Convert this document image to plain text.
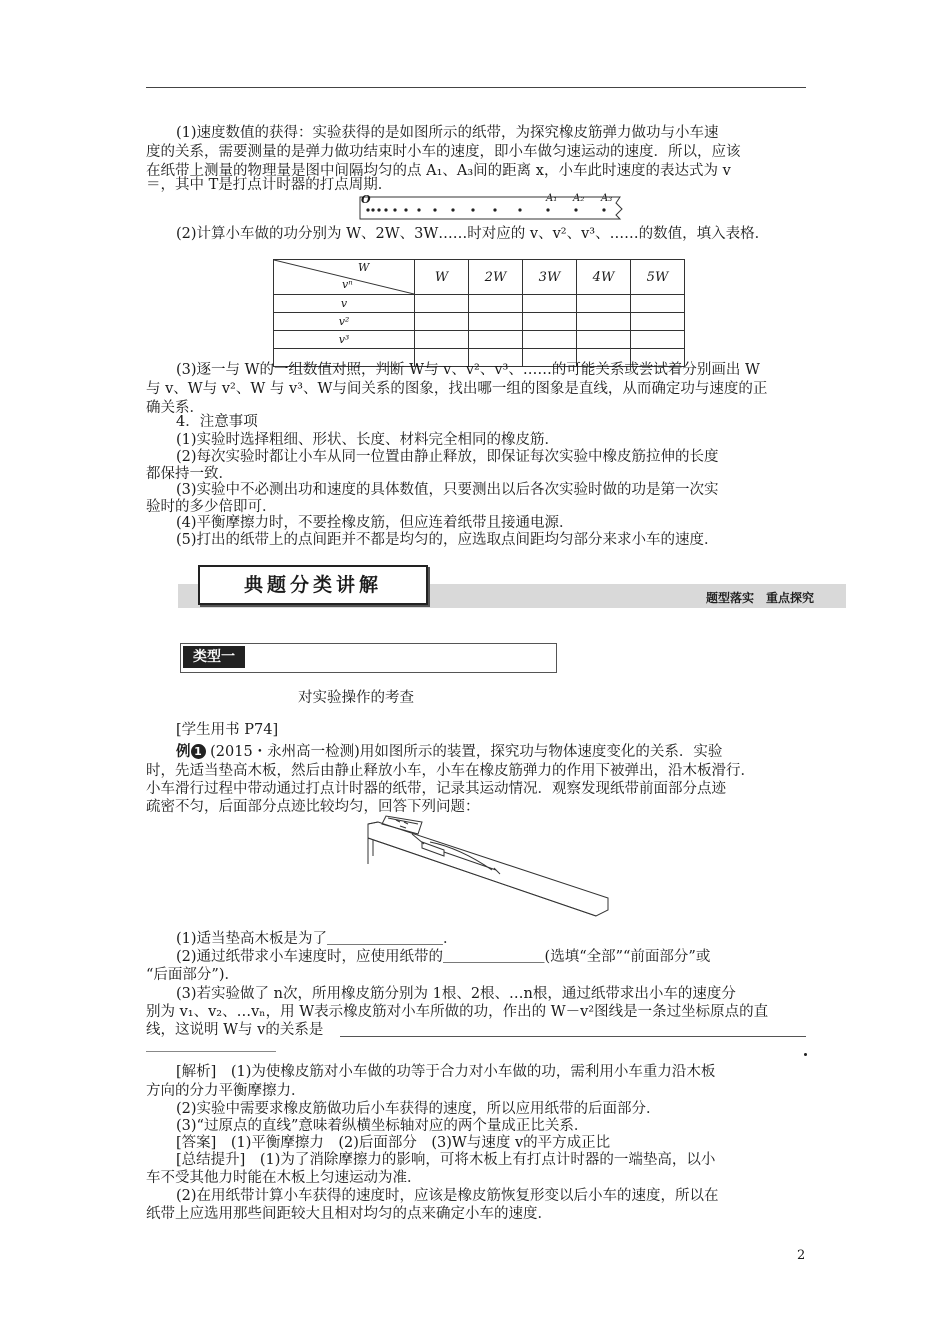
(1)速度数值的获得：实验获得的是如图所示的纸带，为探究橡皮筋弹力做功与小车速
度的关系，需要测量的是弹力做功结束时小车的速度，即小车做匀速运动的速度．所以，应该
在纸带上测量的物理量是图中间隔均匀的点 A₁、A₃间的距离 x，小车此时速度的表达式为 v
＝，其中 T是打点计时器的打点周期．
O	A₁ A₂ A₃
(2)计算小车做的功分别为 W、2W、3W……时对应的 v、v²、v³、……的数值，填入表格．
W
vⁿ	W	2W	3W	4W	5W
v					
v²					
v³					

(3)逐一与 W的一组数值对照，判断 W与 v、v²、v³、……的可能关系或尝试着分别画出 W
与 v、W与 v²、W 与 v³、W与间关系的图象，找出哪一组的图象是直线，从而确定功与速度的正
确关系．
4．注意事项
(1)实验时选择粗细、形状、长度、材料完全相同的橡皮筋．
(2)每次实验时都让小车从同一位置由静止释放，即保证每次实验中橡皮筋拉伸的长度
都保持一致．
(3)实验中不必测出功和速度的具体数值，只要测出以后各次实验时做的功是第一次实
验时的多少倍即可．
(4)平衡摩擦力时，不要拴橡皮筋，但应连着纸带且接通电源．
(5)打出的纸带上的点间距并不都是均匀的，应选取点间距均匀部分来求小车的速度．
典题分类讲解
题型落实　重点探究
类型一
对实验操作的考查
[学生用书 P74]
例 1 (2015・永州高一检测)用如图所示的装置，探究功与物体速度变化的关系．实验
时，先适当垫高木板，然后由静止释放小车，小车在橡皮筋弹力的作用下被弹出，沿木板滑行．
小车滑行过程中带动通过打点计时器的纸带，记录其运动情况．观察发现纸带前面部分点迹
疏密不匀，后面部分点迹比较均匀，回答下列问题：
(1)适当垫高木板是为了＿＿＿＿＿＿＿＿．
(2)通过纸带求小车速度时，应使用纸带的＿＿＿＿＿＿＿(选填“全部”“前面部分”或
“后面部分”)．
(3)若实验做了 n次，所用橡皮筋分别为 1根、2根、…n根，通过纸带求出小车的速度分
别为 v₁、v₂、…vₙ，用 W表示橡皮筋对小车所做的功，作出的 W－v²图线是一条过坐标原点的直
线，这说明 W与 v的关系是
[解析]　(1)为使橡皮筋对小车做的功等于合力对小车做的功，需利用小车重力沿木板
方向的分力平衡摩擦力．
(2)实验中需要求橡皮筋做功后小车获得的速度，所以应用纸带的后面部分．
(3)“过原点的直线”意味着纵横坐标轴对应的两个量成正比关系．
[答案]　(1)平衡摩擦力　(2)后面部分　(3)W与速度 v的平方成正比
[总结提升]　(1)为了消除摩擦力的影响，可将木板上有打点计时器的一端垫高，以小
车不受其他力时能在木板上匀速运动为准．
(2)在用纸带计算小车获得的速度时，应该是橡皮筋恢复形变以后小车的速度，所以在
纸带上应选用那些间距较大且相对均匀的点来确定小车的速度．
2
